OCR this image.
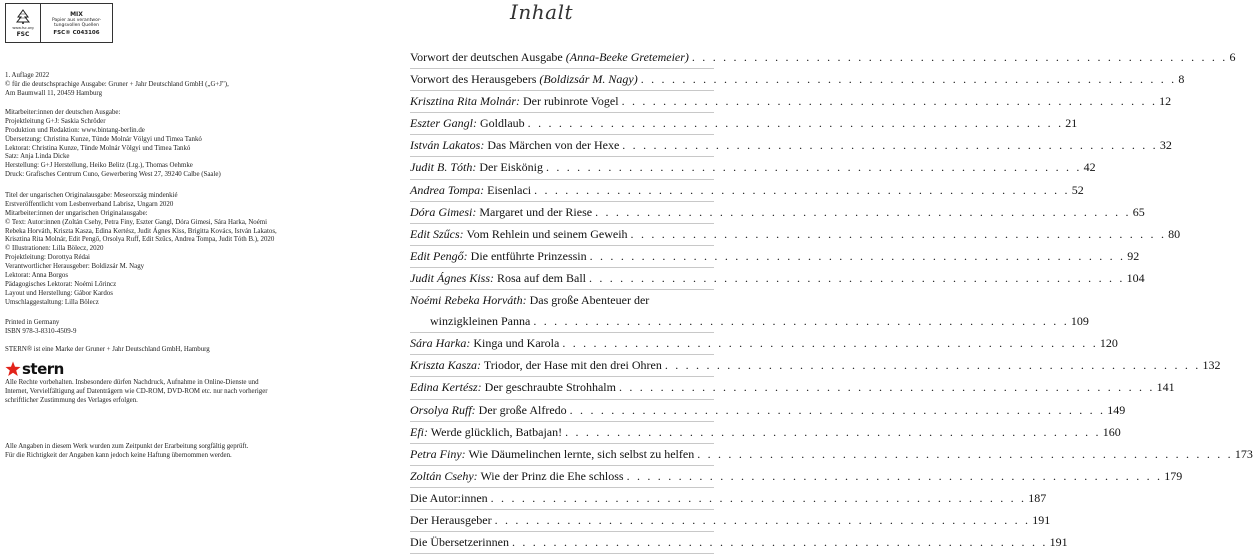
www.fsc.org
FSC
MIX
Papier aus verantwor-
tungsvollen Quellen
FSC® C043106
1. Auflage 2022
© für die deutschsprachige Ausgabe: Gruner + Jahr Deutschland GmbH („G+J"),
Am Baumwall 11, 20459 Hamburg
Mitarbeiter:innen der deutschen Ausgabe:
Projektleitung G+J: Saskia Schröder
Produktion und Redaktion: www.bintang-berlin.de
Übersetzung: Christina Kunze, Tünde Molnár Völgyi und Timea Tankó
Lektorat: Christina Kunze, Tünde Molnár Völgyi und Timea Tankó
Satz: Anja Linda Dicke
Herstellung: G+J Herstellung, Heiko Belitz (Ltg.), Thomas Oehmke
Druck: Grafisches Centrum Cuno, Gewerbering West 27, 39240 Calbe (Saale)
Titel der ungarischen Originalausgabe: Meseország mindenkié
Erstveröffentlicht vom Lesbenverband Labrisz, Ungarn 2020
Mitarbeiter:innen der ungarischen Originalausgabe:
© Text: Autor:innen (Zoltán Csehy, Petra Finy, Eszter Gangl, Dóra Gimesi, Sára Harka, Noémi
Rebeka Horváth, Kriszta Kasza, Edina Kertész, Judit Ágnes Kiss, Brigitta Kovács, István Lakatos,
Krisztina Rita Molnár, Edit Pengő, Orsolya Ruff, Edit Szűcs, Andrea Tompa, Judit Tóth B.), 2020
© Illustrationen: Lilla Bölecz, 2020
Projektleitung: Dorottya Rédai
Verantwortlicher Herausgeber: Boldizsár M. Nagy
Lektorat: Anna Borgos
Pädagogisches Lektorat: Noémi Lőrincz
Layout und Herstellung: Gábor Kardos
Umschlaggestaltung: Lilla Bölecz
Printed in Germany
ISBN 978-3-8310-4509-9
STERN® ist eine Marke der Gruner + Jahr Deutschland GmbH, Hamburg
stern
Alle Rechte vorbehalten. Insbesondere dürfen Nachdruck, Aufnahme in Online-Dienste und
Internet, Vervielfältigung auf Datenträgern wie CD-ROM, DVD-ROM etc. nur nach vorheriger
schriftlicher Zustimmung des Verlages erfolgen.
Alle Angaben in diesem Werk wurden zum Zeitpunkt der Erarbeitung sorgfältig geprüft.
Für die Richtigkeit der Angaben kann jedoch keine Haftung übernommen werden.
Inhalt
Vorwort der deutschen Ausgabe (Anna-Beeke Gretemeier) . . . . . . . . . . . . . . . . . . . . . . . . . . . . . . . . . . . . . . . . . . . . . . . . . . . . 6
Vorwort des Herausgebers (Boldizsár M. Nagy) . . . . . . . . . . . . . . . . . . . . . . . . . . . . . . . . . . . . . . . . . . . . . . . . . . . . 8
Krisztina Rita Molnár: Der rubinrote Vogel . . . . . . . . . . . . . . . . . . . . . . . . . . . . . . . . . . . . . . . . . . . . . . . . . . . . 12
Eszter Gangl: Goldlaub . . . . . . . . . . . . . . . . . . . . . . . . . . . . . . . . . . . . . . . . . . . . . . . . . . . . 21
István Lakatos: Das Märchen von der Hexe . . . . . . . . . . . . . . . . . . . . . . . . . . . . . . . . . . . . . . . . . . . . . . . . . . . . 32
Judit B. Tóth: Der Eiskönig . . . . . . . . . . . . . . . . . . . . . . . . . . . . . . . . . . . . . . . . . . . . . . . . . . . . 42
Andrea Tompa: Eisenlaci . . . . . . . . . . . . . . . . . . . . . . . . . . . . . . . . . . . . . . . . . . . . . . . . . . . . 52
Dóra Gimesi: Margaret und der Riese . . . . . . . . . . . . . . . . . . . . . . . . . . . . . . . . . . . . . . . . . . . . . . . . . . . . 65
Edit Szűcs: Vom Rehlein und seinem Geweih . . . . . . . . . . . . . . . . . . . . . . . . . . . . . . . . . . . . . . . . . . . . . . . . . . . . 80
Edit Pengő: Die entführte Prinzessin . . . . . . . . . . . . . . . . . . . . . . . . . . . . . . . . . . . . . . . . . . . . . . . . . . . . 92
Judit Ágnes Kiss: Rosa auf dem Ball . . . . . . . . . . . . . . . . . . . . . . . . . . . . . . . . . . . . . . . . . . . . . . . . . . . . 104
Noémi Rebeka Horváth: Das große Abenteuer der
winzigkleinen Panna . . . . . . . . . . . . . . . . . . . . . . . . . . . . . . . . . . . . . . . . . . . . . . . . . . . . 109
Sára Harka: Kinga und Karola . . . . . . . . . . . . . . . . . . . . . . . . . . . . . . . . . . . . . . . . . . . . . . . . . . . . 120
Kriszta Kasza: Triodor, der Hase mit den drei Ohren . . . . . . . . . . . . . . . . . . . . . . . . . . . . . . . . . . . . . . . . . . . . . . . . . . . . 132
Edina Kertész: Der geschraubte Strohhalm . . . . . . . . . . . . . . . . . . . . . . . . . . . . . . . . . . . . . . . . . . . . . . . . . . . . 141
Orsolya Ruff: Der große Alfredo . . . . . . . . . . . . . . . . . . . . . . . . . . . . . . . . . . . . . . . . . . . . . . . . . . . . 149
Efi: Werde glücklich, Batbajan! . . . . . . . . . . . . . . . . . . . . . . . . . . . . . . . . . . . . . . . . . . . . . . . . . . . . 160
Petra Finy: Wie Däumelinchen lernte, sich selbst zu helfen . . . . . . . . . . . . . . . . . . . . . . . . . . . . . . . . . . . . . . . . . . . . . . . . . . . . 173
Zoltán Csehy: Wie der Prinz die Ehe schloss . . . . . . . . . . . . . . . . . . . . . . . . . . . . . . . . . . . . . . . . . . . . . . . . . . . . 179
Die Autor:innen . . . . . . . . . . . . . . . . . . . . . . . . . . . . . . . . . . . . . . . . . . . . . . . . . . . . 187
Der Herausgeber . . . . . . . . . . . . . . . . . . . . . . . . . . . . . . . . . . . . . . . . . . . . . . . . . . . . 191
Die Übersetzerinnen . . . . . . . . . . . . . . . . . . . . . . . . . . . . . . . . . . . . . . . . . . . . . . . . . . . . 191
